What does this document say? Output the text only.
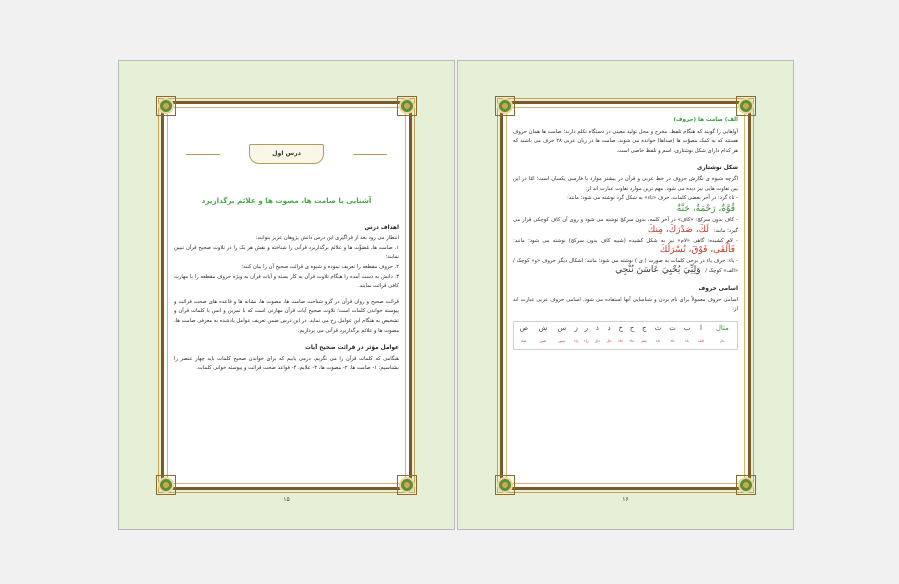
درس اول
آشنایی با صامت ها، مصوت ها و علائم برگذاریرد
اهداف درس

انتظار می رود بعد از فراگیری این درس دانش پژوهان عزیز بتوانند:

۱. صامت ها، مُصَوِّت ها و علائم برگذاریرد قرآنی را شناخته و نقش هر یک را در تلاوت صحیح قرآن تبیین نمایند؛

۲. حروف مقطعه را تعریف نموده و شیوه ی قرائت صحیح آن را بیان کنند؛

۳. دانش به دست آمده را هنگام تلاوت قرآن به کار بسته و آیات قرآن به ویژه حروف مقطعه را با مهارت کافی قرائت نمایند.

قرائت صحیح و روان قرآن در گرو شناخت صامت ها، مصوت ها، نشانه ها و قاعده های صحت قرائت و پیوسته خواندن کلمات است؛ تلاوت صحیح آیات قرآن مهارتی است که با تمرین و انس با کلمات قرآن و تشخیص به هنگام این عوامل رخ می نماید. در این درس ضمن تعریف عوامل یادشده به معرفی صامت ها، مصوت ها و علائم برگذاریرد قرآنی می پردازیم.

عوامل مؤثر در قرائت صحیح آیات

هنگامی که کلمات قرآن را می نگریم، درمی یابیم که برای خواندن صحیح کلمات باید چهار عنصر را بشناسیم: ۱- صامت ها، ۲- مصوت ها، ۳- علایم، ۴- قواعد صحت قرائت و پیوسته خوانی کلمات.

۱۵
الف) صامت ها (حروف)

آواهایی را گویند که هنگام تلفظ، مخرج و محل تولید معینی در دستگاه تکلم دارند؛ صامت ها همان حروف هستند که به کمک مصوّت ها (صداها) خوانده می شوند. صامت ها در زبان عربی ۲۸ حرف می باشند که هر کدام دارای شکل نوشتاری، اسم و تلفظ خاصی است.

شکل نوشتاری

اگرچه شیوه ی نگارش حروف در خط عربی و قرآن در بیشتر موارد با فارسی یکسان است؛ امّا در این بین تفاوت هایی نیز دیده می شود. مهم ترین موارد تفاوت عبارت اند از:

- تاء گرد: در آخر بعضی کلمات، حرف «تاء» به شکل گرد نوشته می شود؛ مانند:

قُوَّةٌ، رَحْمَةٌ، جَنَّةٌ

- کاف بدون سرکج: «کاف» در آخر کلمه، بدون سرکج نوشته می شود و روی آن کاف کوچکی قرار می گیرد؛ مانند: لَكَ، صَدْرَكَ، مِنكَ

- لام کشیده: گاهی «لام» نیز به شکل کشیده (شبیه کاف بدون سرکج) نوشته می شود؛ مانند: فَأَلْقَى، فَوْقَ، نُسْرَلَكَ

- یاء: حرف یاء در برخی کلمات به صورت ( ى ) نوشته می شود؛ مانند: اشکال دیگر حروف «و» کوچک / «الف» کوچک / وَلِيِّيَ يُحْيِيَ عَاسَنَ نُنْجِي

اسامی حروف

اسامی حروف معمولاً برای نام بردن و شناسایی آنها استفاده می شود. اسامی حروف عربی عبارت اند از:

مثال	ا	ب	ت	ث	ج	ح	خ	د	ذ	ر	ز	س	ش	ص
نام	الف	باء	تاء	ثاء	جیم	حاء	خاء	دال	ذال	راء	زاء	سین	شین	صاد
۱۶
